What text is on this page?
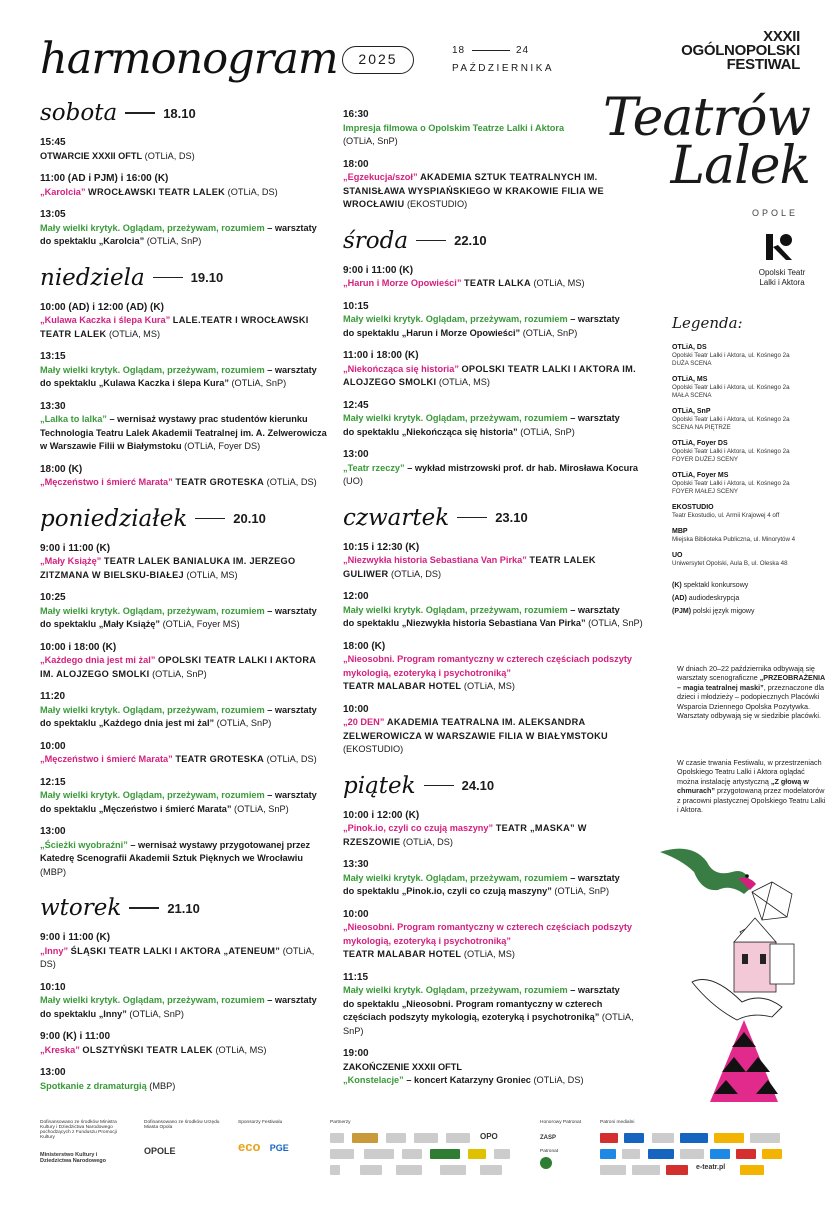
harmonogram	2025
18	24
PAŹDZIERNIKA
XXXII
OGÓLNOPOLSKI
FESTIWAL
Teatrów
Lalek
OPOLE
Opolski Teatr Lalki i Aktora
sobota	18.10
15:45
OTWARCIE XXXII OFTL (OTLiA, DS)
11:00 (AD i PJM) i 16:00 (K)
„Karolcia” WROCŁAWSKI TEATR LALEK (OTLiA, DS)
13:05
Mały wielki krytyk. Oglądam, przeżywam, rozumiem – warsztaty
do spektaklu „Karolcia” (OTLiA, SnP)
niedziela	19.10
10:00 (AD) i 12:00 (AD) (K)
„Kulawa Kaczka i ślepa Kura” LALE.TEATR I WROCŁAWSKI TEATR LALEK (OTLiA, MS)
13:15
Mały wielki krytyk. Oglądam, przeżywam, rozumiem – warsztaty
do spektaklu „Kulawa Kaczka i ślepa Kura” (OTLiA, SnP)
13:30
„Lalka to lalka” – wernisaż wystawy prac studentów kierunku Technologia Teatru Lalek Akademii Teatralnej im. A. Zelwerowicza w Warszawie Filii w Białymstoku (OTLiA, Foyer DS)
18:00 (K)
„Męczeństwo i śmierć Marata” TEATR GROTESKA (OTLiA, DS)
poniedziałek	20.10
9:00 i 11:00 (K)
„Mały Książę” TEATR LALEK BANIALUKA IM. JERZEGO ZITZMANA W BIELSKU-BIAŁEJ (OTLiA, MS)
10:25
Mały wielki krytyk. Oglądam, przeżywam, rozumiem – warsztaty
do spektaklu „Mały Książę” (OTLiA, Foyer MS)
10:00 i 18:00 (K)
„Każdego dnia jest mi żal” OPOLSKI TEATR LALKI I AKTORA IM. ALOJZEGO SMOLKI (OTLiA, SnP)
11:20
Mały wielki krytyk. Oglądam, przeżywam, rozumiem – warsztaty
do spektaklu „Każdego dnia jest mi żal” (OTLiA, SnP)
10:00
„Męczeństwo i śmierć Marata” TEATR GROTESKA (OTLiA, DS)
12:15
Mały wielki krytyk. Oglądam, przeżywam, rozumiem – warsztaty
do spektaklu „Męczeństwo i śmierć Marata” (OTLiA, SnP)
13:00
„Ścieżki wyobraźni” – wernisaż wystawy przygotowanej przez Katedrę Scenografii Akademii Sztuk Pięknych we Wrocławiu (MBP)
wtorek	21.10
9:00 i 11:00 (K)
„Inny” ŚLĄSKI TEATR LALKI I AKTORA „ATENEUM” (OTLiA, DS)
10:10
Mały wielki krytyk. Oglądam, przeżywam, rozumiem – warsztaty
do spektaklu „Inny” (OTLiA, SnP)
9:00 (K) i 11:00
„Kreska” OLSZTYŃSKI TEATR LALEK (OTLiA, MS)
13:00
Spotkanie z dramaturgią (MBP)
16:30
Impresja filmowa o Opolskim Teatrze Lalki i Aktora
(OTLiA, SnP)
18:00
„Egzekucja/szoł” AKADEMIA SZTUK TEATRALNYCH IM. STANISŁAWA WYSPIAŃSKIEGO W KRAKOWIE FILIA WE WROCŁAWIU (EKOSTUDIO)
środa	22.10
9:00 i 11:00 (K)
„Harun i Morze Opowieści” TEATR LALKA (OTLiA, MS)
10:15
Mały wielki krytyk. Oglądam, przeżywam, rozumiem – warsztaty
do spektaklu „Harun i Morze Opowieści” (OTLiA, SnP)
11:00 i 18:00 (K)
„Niekończąca się historia” OPOLSKI TEATR LALKI I AKTORA IM. ALOJZEGO SMOLKI (OTLiA, MS)
12:45
Mały wielki krytyk. Oglądam, przeżywam, rozumiem – warsztaty
do spektaklu „Niekończąca się historia” (OTLiA, SnP)
13:00
„Teatr rzeczy” – wykład mistrzowski prof. dr hab. Mirosława Kocura
(UO)
czwartek	23.10
10:15 i 12:30 (K)
„Niezwykła historia Sebastiana Van Pirka” TEATR LALEK GULIWER (OTLiA, DS)
12:00
Mały wielki krytyk. Oglądam, przeżywam, rozumiem – warsztaty
do spektaklu „Niezwykła historia Sebastiana Van Pirka” (OTLiA, SnP)
18:00 (K)
„Nieosobni. Program romantyczny w czterech częściach podszyty mykologią, ezoteryką i psychotroniką”
TEATR MALABAR HOTEL (OTLiA, MS)
10:00
„20 DEN” AKADEMIA TEATRALNA IM. ALEKSANDRA ZELWEROWICZA W WARSZAWIE FILIA W BIAŁYMSTOKU (EKOSTUDIO)
piątek	24.10
10:00 i 12:00 (K)
„Pinok.io, czyli co czują maszyny” TEATR „MASKA” W RZESZOWIE (OTLiA, DS)
13:30
Mały wielki krytyk. Oglądam, przeżywam, rozumiem – warsztaty
do spektaklu „Pinok.io, czyli co czują maszyny” (OTLiA, SnP)
10:00
„Nieosobni. Program romantyczny w czterech częściach podszyty mykologią, ezoteryką i psychotroniką”
TEATR MALABAR HOTEL (OTLiA, MS)
11:15
Mały wielki krytyk. Oglądam, przeżywam, rozumiem – warsztaty
do spektaklu „Nieosobni. Program romantyczny w czterech częściach podszyty mykologią, ezoteryką i psychotroniką” (OTLiA, SnP)
19:00
ZAKOŃCZENIE XXXII OFTL
„Konstelacje” – koncert Katarzyny Groniec (OTLiA, DS)
Legenda:
OTLiA, DS
Opolski Teatr Lalki i Aktora, ul. Kośnego 2a
DUŻA SCENA
OTLiA, MS
Opolski Teatr Lalki i Aktora, ul. Kośnego 2a
MAŁA SCENA
OTLiA, SnP
Opolski Teatr Lalki i Aktora, ul. Kośnego 2a
SCENA NA PIĘTRZE
OTLiA, Foyer DS
Opolski Teatr Lalki i Aktora, ul. Kośnego 2a
FOYER DUŻEJ SCENY
OTLiA, Foyer MS
Opolski Teatr Lalki i Aktora, ul. Kośnego 2a
FOYER MAŁEJ SCENY
EKOSTUDIO
Teatr Ekostudio, ul. Armii Krajowej 4 off

MBP
Miejska Biblioteka Publiczna, ul. Minorytów 4

UO
Uniwersytet Opolski, Aula B, ul. Oleska 48

(K) spektakl konkursowy
(AD) audiodeskrypcja
(PJM) polski język migowy
W dniach 20–22 października odbywają się warsztaty scenograficzne „PRZEOBRAŻENIA – magia teatralnej maski”, przeznaczone dla dzieci i młodzieży – podopiecznych Placówki Wsparcia Dziennego Opolska Pozytywka. Warsztaty odbywają się w siedzibie placówki.
W czasie trwania Festiwalu, w przestrzeniach Opolskiego Teatru Lalki i Aktora oglądać można instalację artystyczną „Z głową w chmurach” przygotowaną przez modelatorów z pracowni plastycznej Opolskiego Teatru Lalki i Aktora.
Dofinansowano ze środków Ministra Kultury i Dziedzictwa Narodowego pochodzących z Funduszu Promocji Kultury
Ministerstwo Kultury i Dziedzictwa Narodowego
Dofinansowano ze środków Urzędu Miasta Opola
OPOLE
Sponsorzy Festiwalu
eco PGE
Partnerzy
OPO
Honorowy Patronat
ZASP
Patronat
Patroni medialni
e-teatr.pl
